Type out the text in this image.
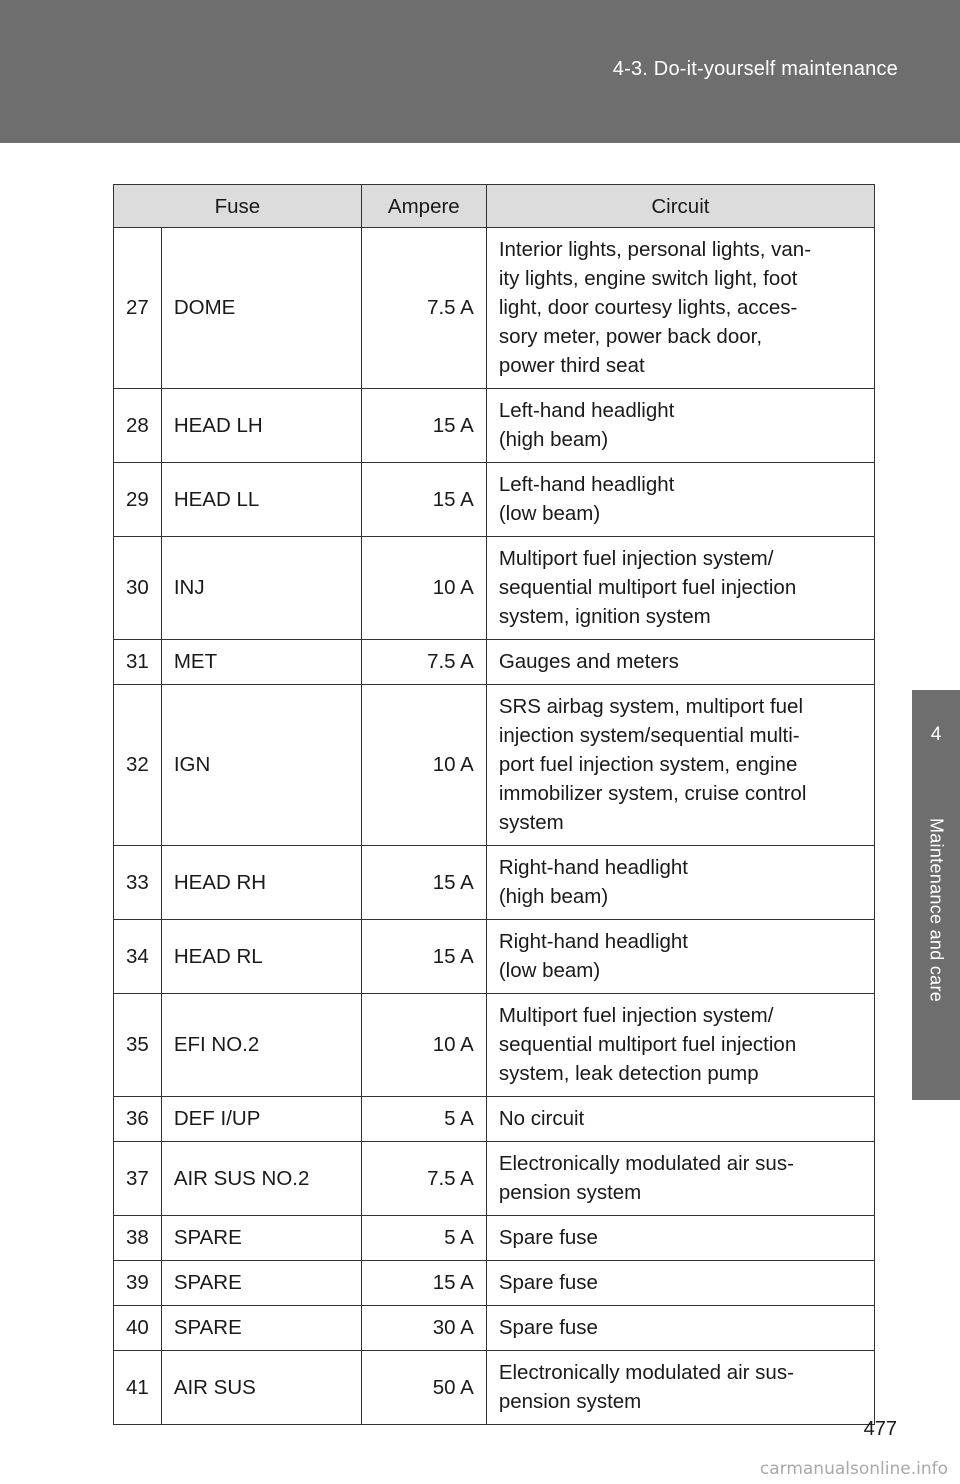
4-3. Do-it-yourself maintenance
4
Maintenance and care
Fuse		Ampere	Circuit
27	DOME	7.5 A	Interior lights, personal lights, van-
ity lights, engine switch light, foot
light, door courtesy lights, acces-
sory meter, power back door,
power third seat
28	HEAD LH	15 A	Left-hand headlight
(high beam)
29	HEAD LL	15 A	Left-hand headlight
(low beam)
30	INJ	10 A	Multiport fuel injection system/
sequential multiport fuel injection
system, ignition system
31	MET	7.5 A	Gauges and meters
32	IGN	10 A	SRS airbag system, multiport fuel
injection system/sequential multi-
port fuel injection system, engine
immobilizer system, cruise control
system
33	HEAD RH	15 A	Right-hand headlight
(high beam)
34	HEAD RL	15 A	Right-hand headlight
(low beam)
35	EFI NO.2	10 A	Multiport fuel injection system/
sequential multiport fuel injection
system, leak detection pump
36	DEF I/UP	5 A	No circuit
37	AIR SUS NO.2	7.5 A	Electronically modulated air sus-
pension system
38	SPARE	5 A	Spare fuse
39	SPARE	15 A	Spare fuse
40	SPARE	30 A	Spare fuse
41	AIR SUS	50 A	Electronically modulated air sus-
pension system
477
carmanualsonline.info
